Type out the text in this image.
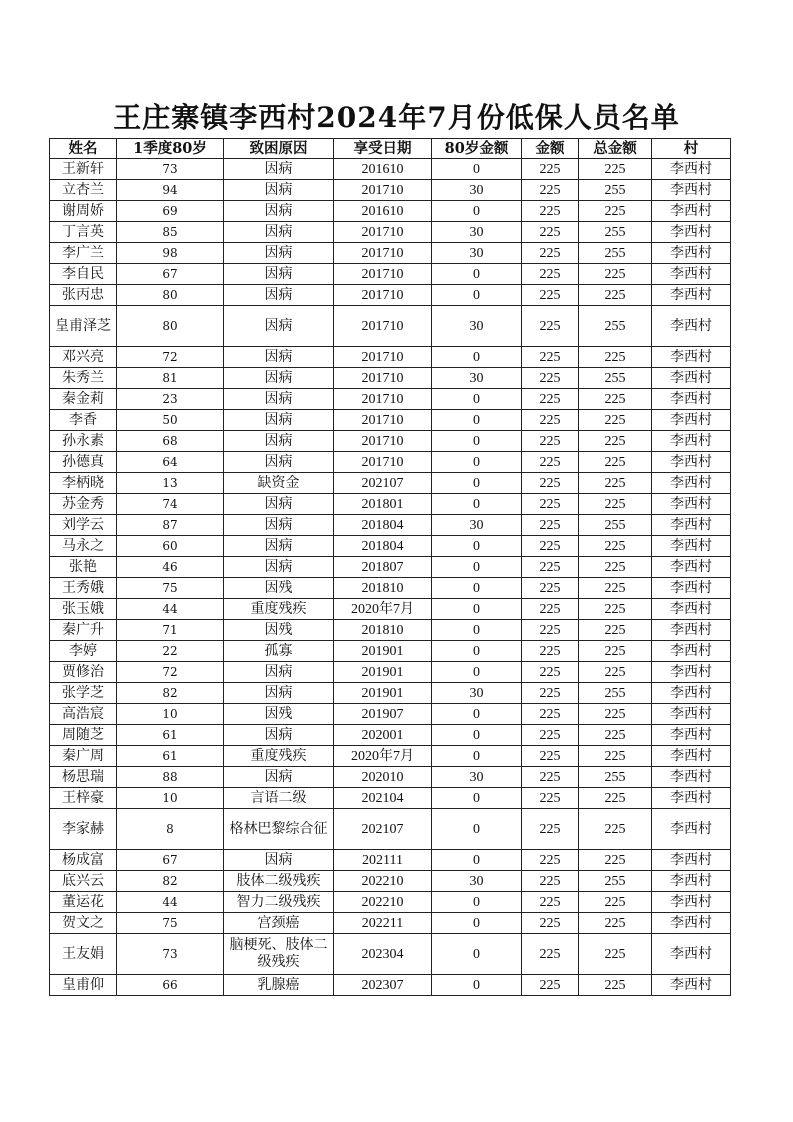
王庄寨镇李西村2024年7月份低保人员名单
姓名	1季度80岁	致困原因	享受日期	80岁金额	金额	总金额	村
王新轩	73	因病	201610	0	225	225	李西村
立杏兰	94	因病	201710	30	225	255	李西村
谢周娇	69	因病	201610	0	225	225	李西村
丁言英	85	因病	201710	30	225	255	李西村
李广兰	98	因病	201710	30	225	255	李西村
李自民	67	因病	201710	0	225	225	李西村
张丙忠	80	因病	201710	0	225	225	李西村
皇甫泽芝	80	因病	201710	30	225	255	李西村
邓兴亮	72	因病	201710	0	225	225	李西村
朱秀兰	81	因病	201710	30	225	255	李西村
秦金莉	23	因病	201710	0	225	225	李西村
李香	50	因病	201710	0	225	225	李西村
孙永素	68	因病	201710	0	225	225	李西村
孙德真	64	因病	201710	0	225	225	李西村
李柄晓	13	缺资金	202107	0	225	225	李西村
苏金秀	74	因病	201801	0	225	225	李西村
刘学云	87	因病	201804	30	225	255	李西村
马永之	60	因病	201804	0	225	225	李西村
张艳	46	因病	201807	0	225	225	李西村
王秀娥	75	因残	201810	0	225	225	李西村
张玉娥	44	重度残疾	2020年7月	0	225	225	李西村
秦广升	71	因残	201810	0	225	225	李西村
李婷	22	孤寡	201901	0	225	225	李西村
贾修治	72	因病	201901	0	225	225	李西村
张学芝	82	因病	201901	30	225	255	李西村
高浩宸	10	因残	201907	0	225	225	李西村
周随芝	61	因病	202001	0	225	225	李西村
秦广周	61	重度残疾	2020年7月	0	225	225	李西村
杨思瑞	88	因病	202010	30	225	255	李西村
王梓豪	10	言语二级	202104	0	225	225	李西村
李家赫	8	格林巴黎综合征	202107	0	225	225	李西村
杨成富	67	因病	202111	0	225	225	李西村
底兴云	82	肢体二级残疾	202210	30	225	255	李西村
董运花	44	智力二级残疾	202210	0	225	225	李西村
贺文之	75	宫颈癌	202211	0	225	225	李西村
王友娟	73	脑梗死、肢体二级残疾	202304	0	225	225	李西村
皇甫仰	66	乳腺癌	202307	0	225	225	李西村
